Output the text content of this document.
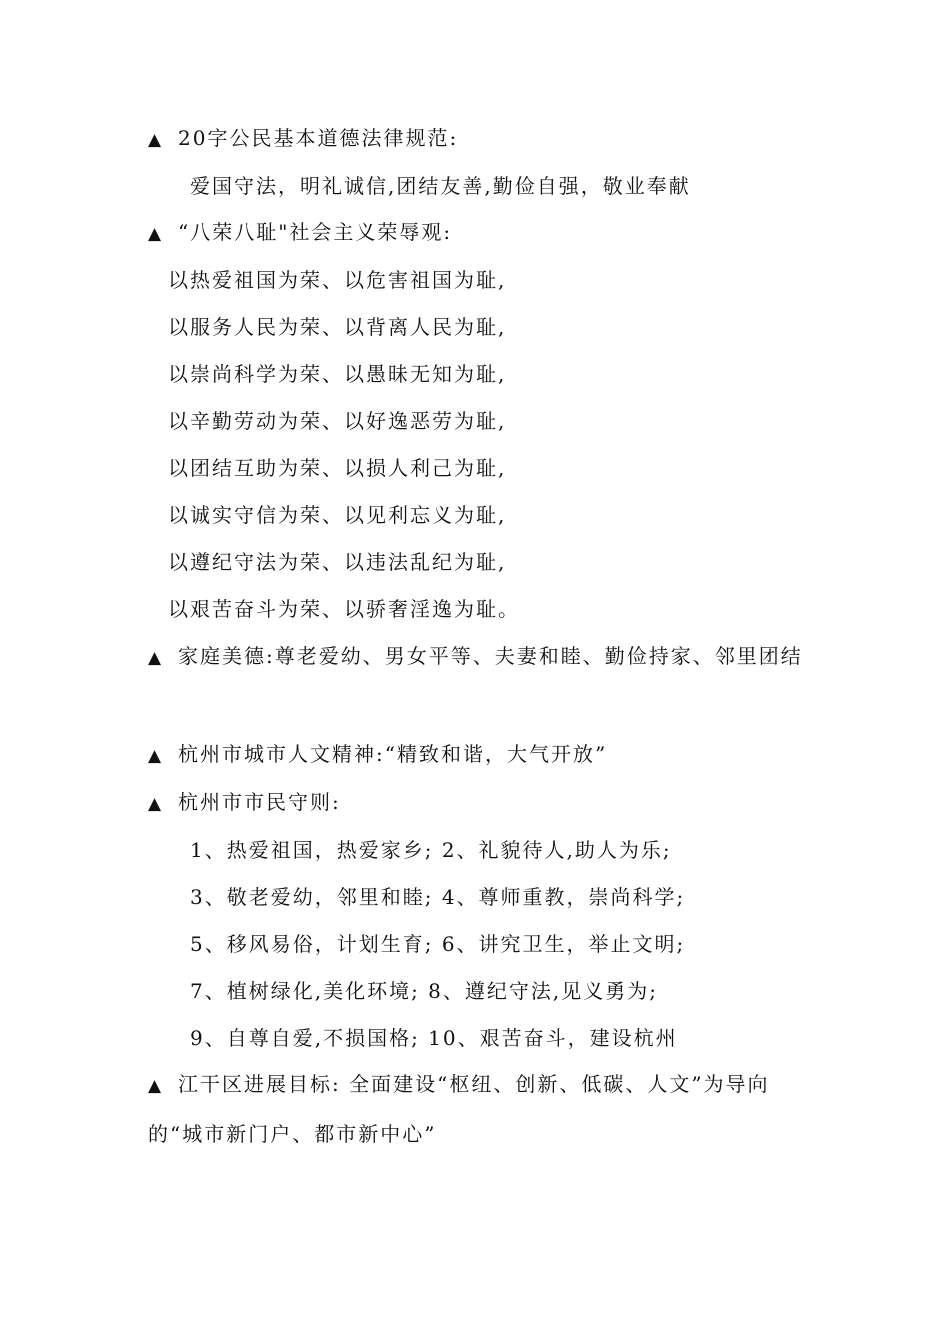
▲ 20字公民基本道德法律规范:
爱国守法，明礼诚信,团结友善,勤俭自强，敬业奉献
▲ “八荣八耻"社会主义荣辱观:
以热爱祖国为荣、以危害祖国为耻,
以服务人民为荣、以背离人民为耻,
以崇尚科学为荣、以愚昧无知为耻,
以辛勤劳动为荣、以好逸恶劳为耻,
以团结互助为荣、以损人利己为耻,
以诚实守信为荣、以见利忘义为耻,
以遵纪守法为荣、以违法乱纪为耻,
以艰苦奋斗为荣、以骄奢淫逸为耻。
▲ 家庭美德:尊老爱幼、男女平等、夫妻和睦、勤俭持家、邻里团结
▲ 杭州市城市人文精神:“精致和谐，大气开放”
▲ 杭州市市民守则:
1、热爱祖国，热爱家乡; 2、礼貌待人,助人为乐;
3、敬老爱幼，邻里和睦; 4、尊师重教，崇尚科学;
5、移风易俗，计划生育; 6、讲究卫生，举止文明;
7、植树绿化,美化环境; 8、遵纪守法,见义勇为;
9、自尊自爱,不损国格; 10、艰苦奋斗，建设杭州
▲ 江干区进展目标: 全面建设“枢纽、创新、低碳、人文”为导向的“城市新门户、都市新中心”
